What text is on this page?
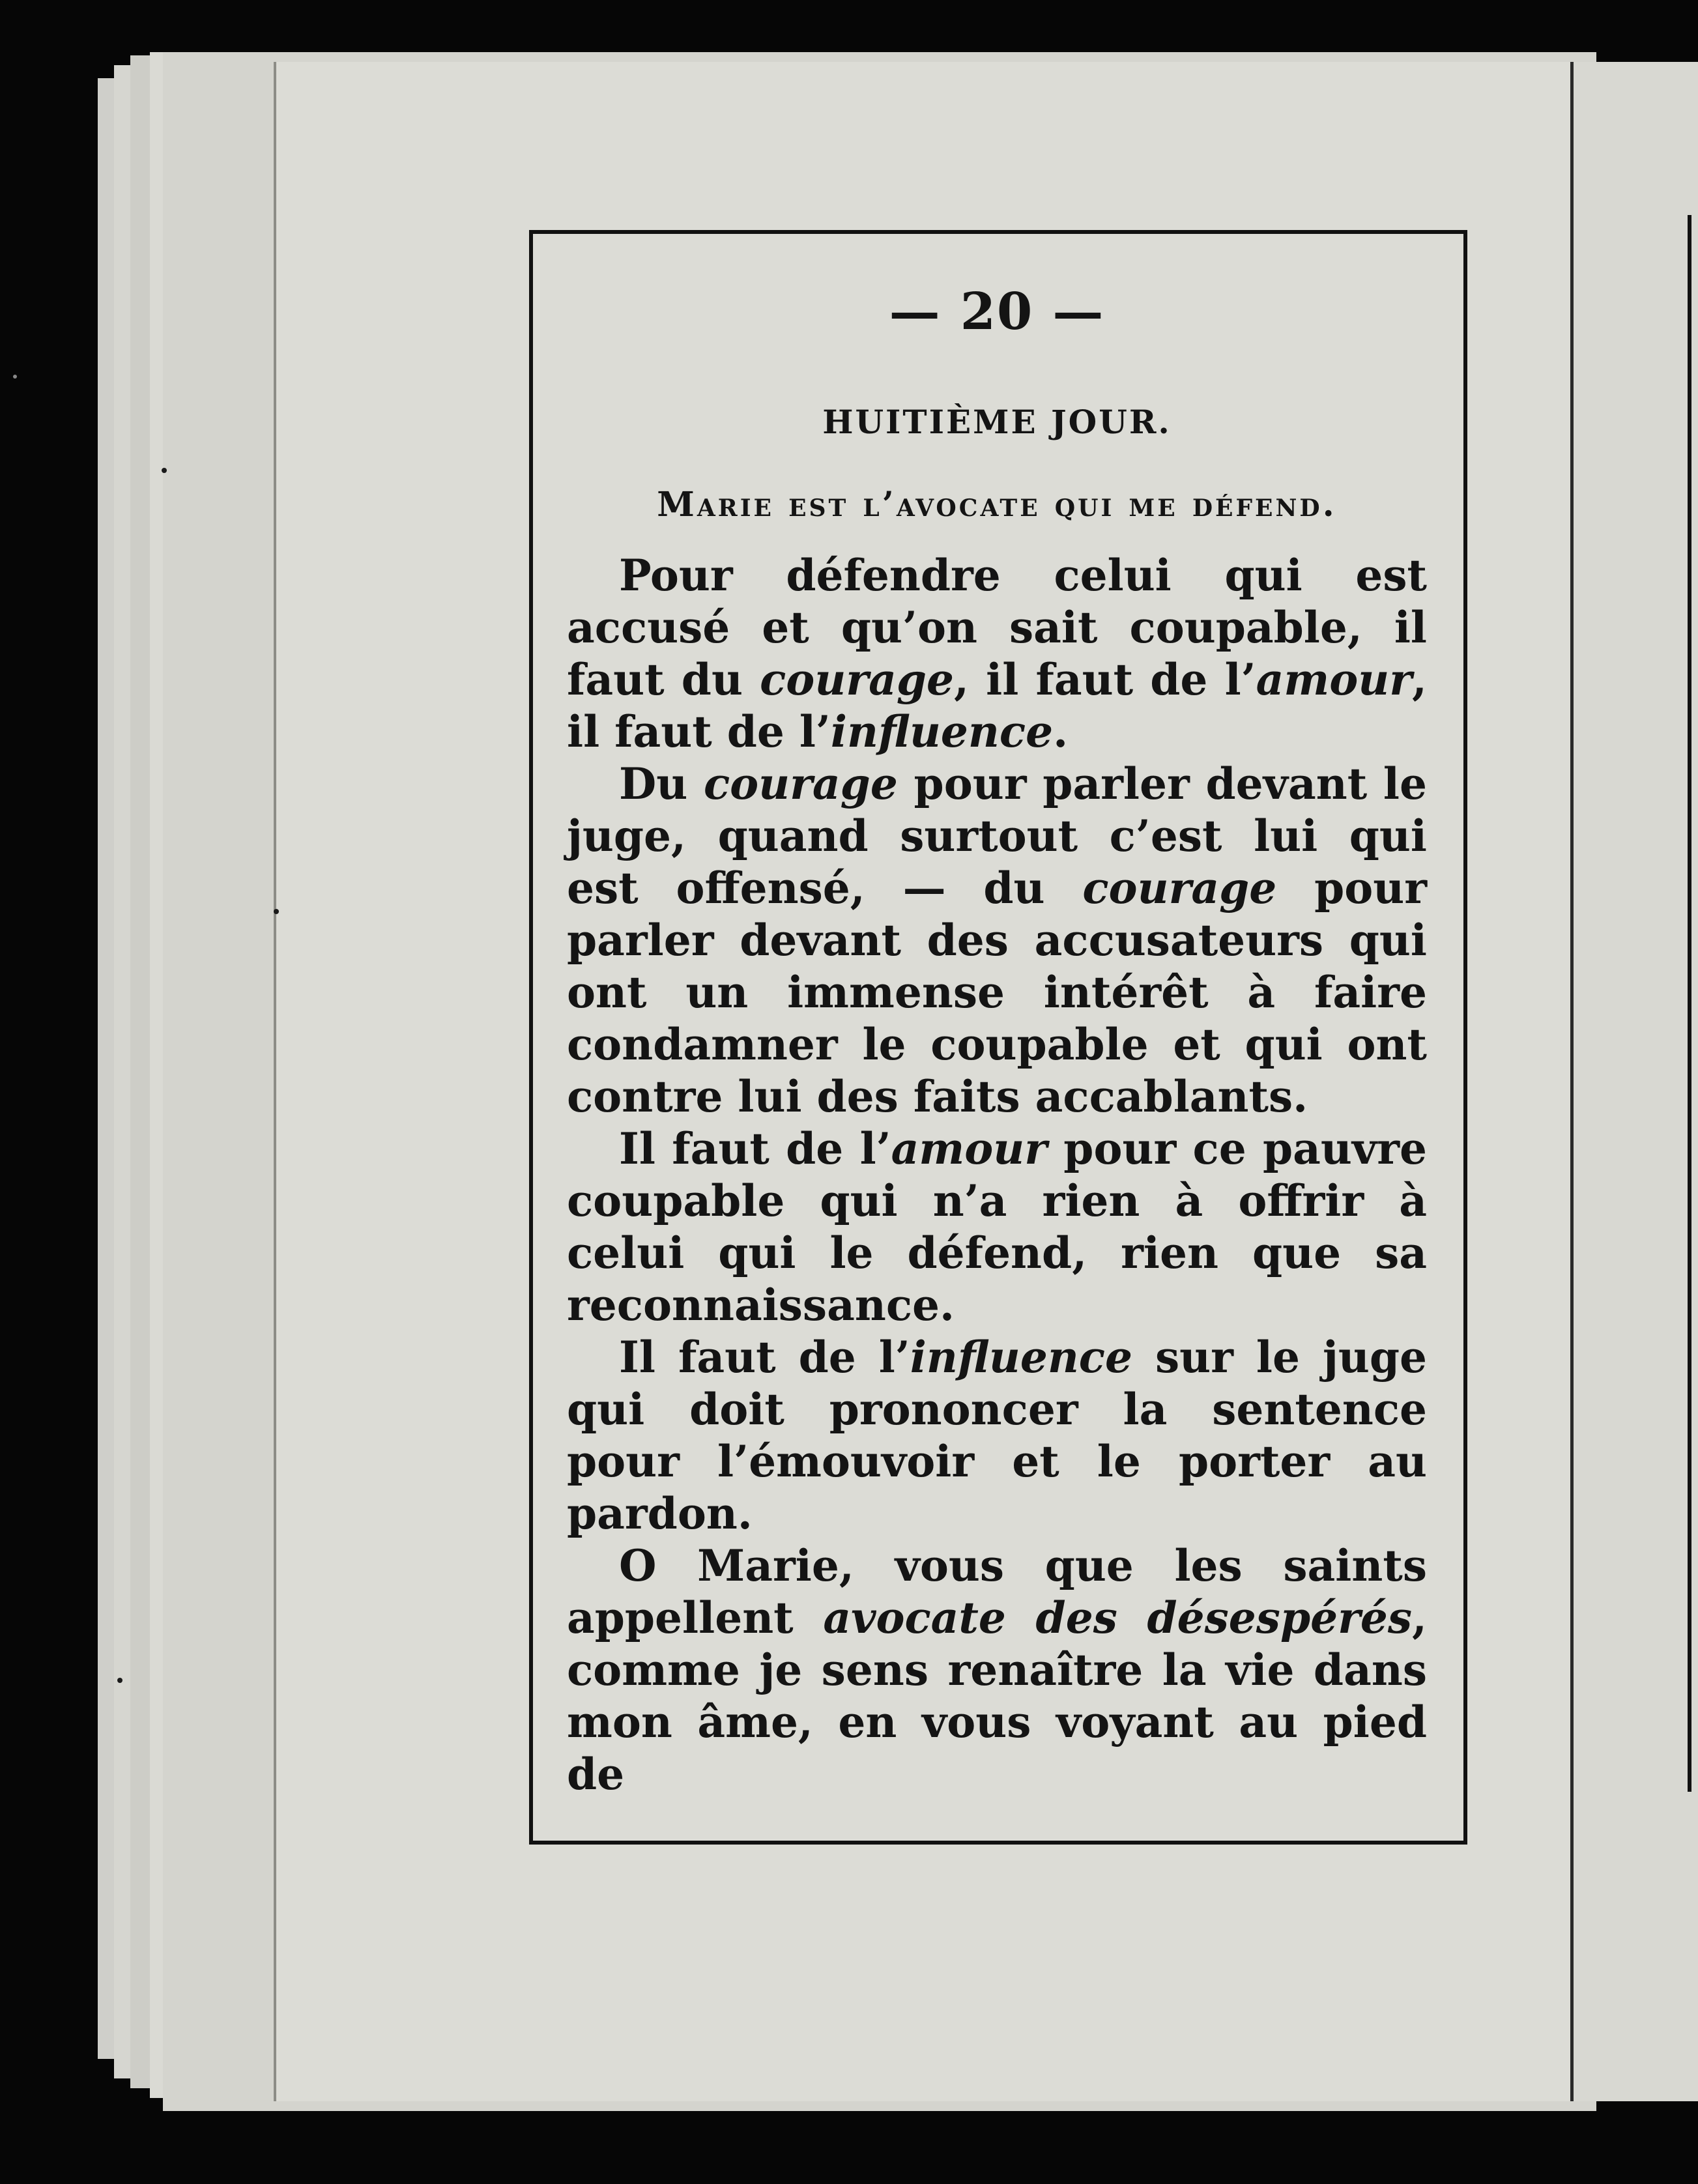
— 20 —
HUITIÈME JOUR.
Marie est l’avocate qui me défend.

Pour défendre celui qui est accusé et qu’on sait coupable, il faut du courage, il faut de l’amour, il faut de l’influence.

Du courage pour parler devant le juge, quand surtout c’est lui qui est offensé, — du courage pour parler devant des accusateurs qui ont un immense intérêt à faire condamner le coupable et qui ont contre lui des faits accablants.

Il faut de l’amour pour ce pauvre coupable qui n’a rien à offrir à celui qui le défend, rien que sa reconnaissance.

Il faut de l’influence sur le juge qui doit prononcer la sentence pour l’émouvoir et le porter au pardon.

O Marie, vous que les saints appellent avocate des désespérés, comme je sens renaître la vie dans mon âme, en vous voyant au pied de
